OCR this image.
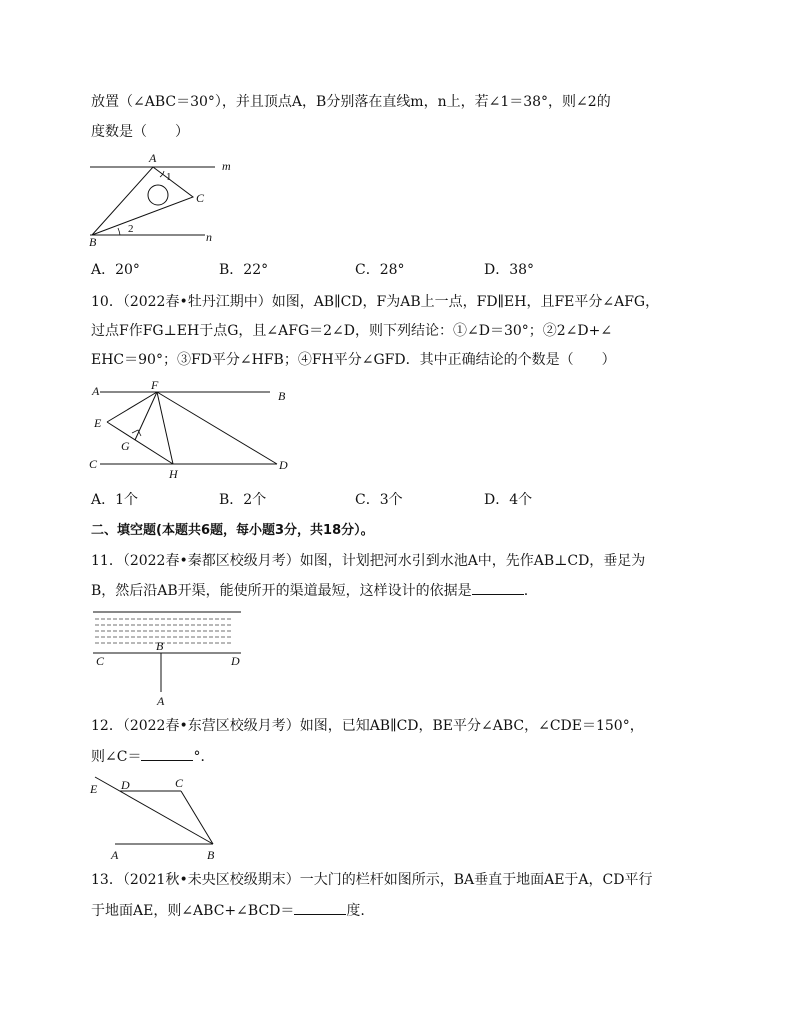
放置（∠ABC＝30°），并且顶点A，B分别落在直线m，n上，若∠1＝38°，则∠2的
度数是（　　）
A
m
1
C
B
2
n
A．20°	B．22°	C．28°	D．38°
10．（2022春•牡丹江期中）如图，AB∥CD，F为AB上一点，FD∥EH，且FE平分∠AFG，
过点F作FG⊥EH于点G，且∠AFG＝2∠D，则下列结论：①∠D＝30°；②2∠D+∠
EHC＝90°；③FD平分∠HFB；④FH平分∠GFD．其中正确结论的个数是（　　）
A	F
B
E
G
C
H
D
A．1个	B．2个	C．3个	D．4个
二、填空题(本题共6题，每小题3分，共18分）。
11．（2022春•秦都区校级月考）如图，计划把河水引到水池A中，先作AB⊥CD，垂足为
B，然后沿AB开渠，能使所开的渠道最短，这样设计的依据是	.
C
B
D
A
12．（2022春•东营区校级月考）如图，已知AB∥CD，BE平分∠ABC，∠CDE＝150°，
则∠C＝	°．
E D	C
A	B
13．（2021秋•未央区校级期末）一大门的栏杆如图所示，BA垂直于地面AE于A，CD平行
于地面AE，则∠ABC+∠BCD＝	度.
